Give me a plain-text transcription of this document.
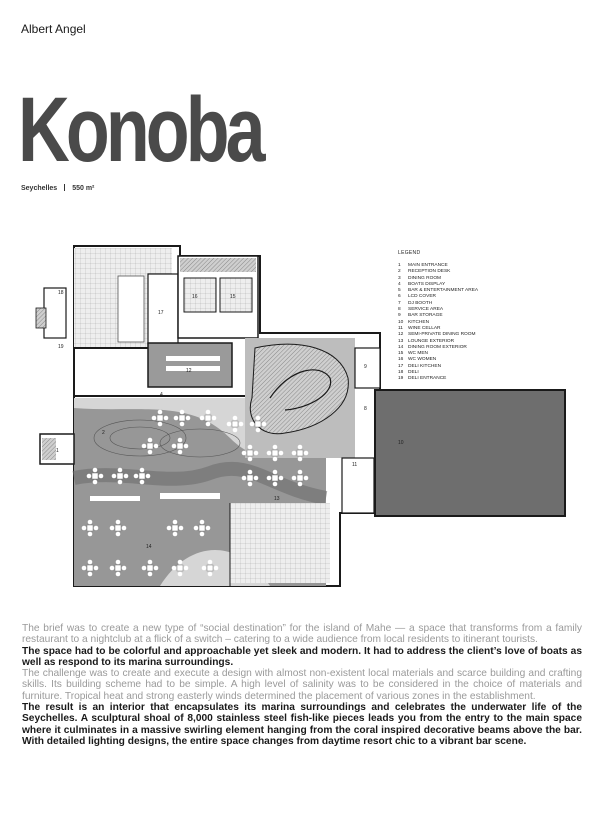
Albert Angel
Konoba
Seychelles 550 m²
1
2
4
8
9
10
11
12
13
14
15
16
17
18
19
LEGEND
1 MAIN ENTRANCE
2 RECEPTION DESK
3 DINING ROOM
4 BOATS DISPLAY
5 BAR & ENTERTAINMENT AREA
6 LCD COVER
7 DJ BOOTH
8 SERVICE AREA
9 BAR STORAGE
10 KITCHEN
11 WINE CELLAR
12 SEMI-PRIVATE DINING ROOM
13 LOUNGE EXTERIOR
14 DINING ROOM EXTERIOR
15 WC MEN
16 WC WOMEN
17 DELI KITCHEN
18 DELI
19 DELI ENTRANCE

The brief was to create a new type of “social destination” for the island of Mahe — a space that transforms from a family restaurant to a nightclub at a flick of a switch – catering to a wide audience from local residents to itinerant tourists.

The space had to be colorful and approachable yet sleek and modern. It had to address the client’s love of boats as well as respond to its marina surroundings.

The challenge was to create and execute a design with almost non-existent local materials and scarce building and crafting skills. Its building scheme had to be simple. A high level of salinity was to be considered in the choice of materials and furniture. Tropical heat and strong easterly winds determined the placement of various zones in the establishment.

The result is an interior that encapsulates its marina surroundings and celebrates the underwater life of the Seychelles. A sculptural shoal of 8,000 stainless steel fish-like pieces leads you from the entry to the main space where it culminates in a massive swirling element hanging from the coral inspired decorative beams above the bar. With detailed lighting designs, the entire space changes from daytime resort chic to a vibrant bar scene.
